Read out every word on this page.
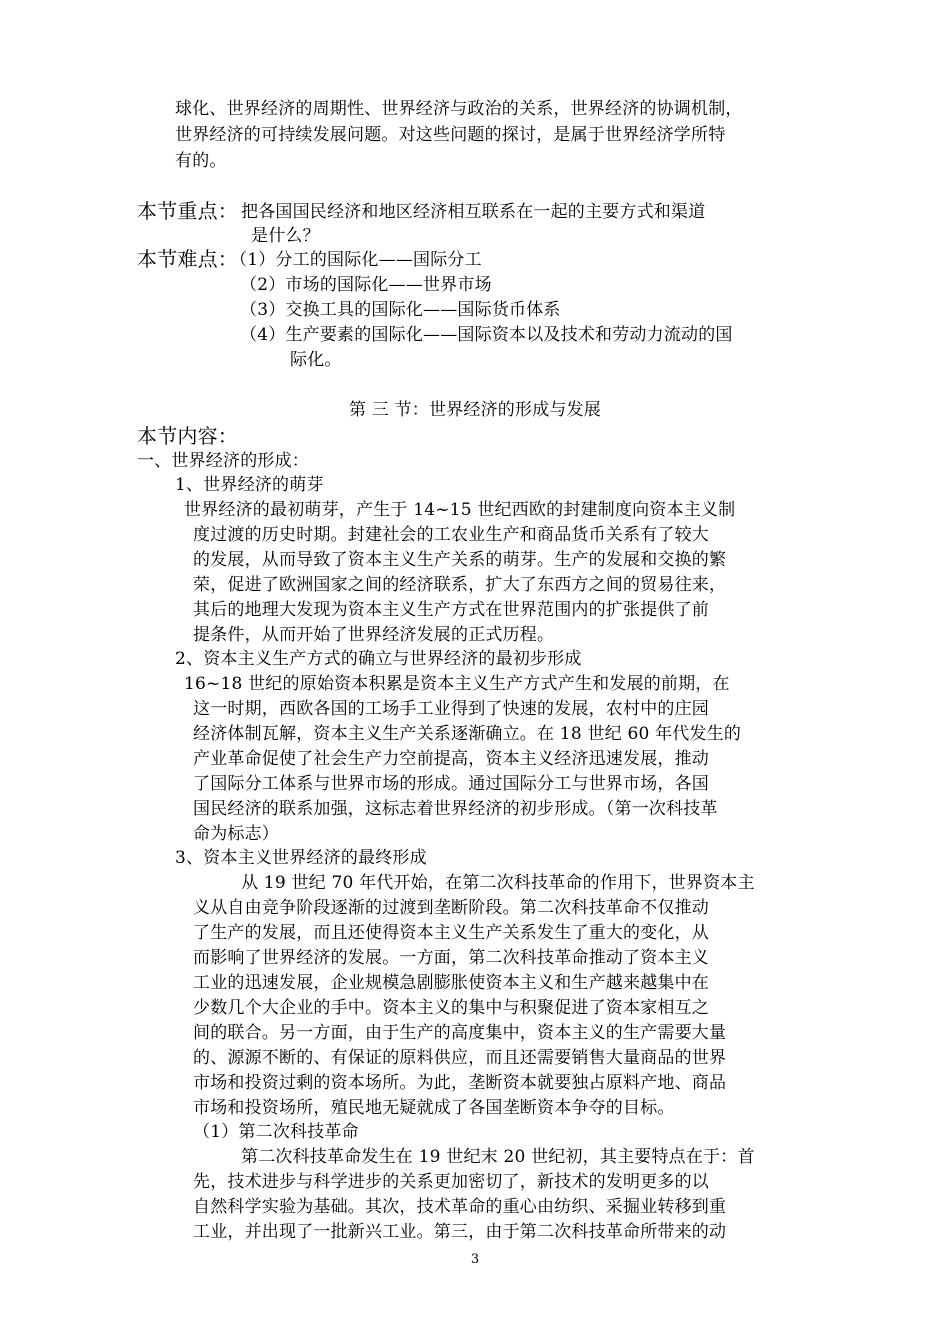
球化、世界经济的周期性、世界经济与政治的关系，世界经济的协调机制，
世界经济的可持续发展问题。对这些问题的探讨，是属于世界经济学所特
有的。
本节重点： 把各国国民经济和地区经济相互联系在一起的主要方式和渠道
是什么？
本节难点：
（1）分工的国际化——国际分工
（2）市场的国际化——世界市场
（3）交换工具的国际化——国际货币体系
（4）生产要素的国际化——国际资本以及技术和劳动力流动的国
际化。
第 三 节：世界经济的形成与发展
本节内容：
一、世界经济的形成：
1、世界经济的萌芽
世界经济的最初萌芽，产生于 14~15 世纪西欧的封建制度向资本主义制
度过渡的历史时期。封建社会的工农业生产和商品货币关系有了较大
的发展，从而导致了资本主义生产关系的萌芽。生产的发展和交换的繁
荣，促进了欧洲国家之间的经济联系，扩大了东西方之间的贸易往来，
其后的地理大发现为资本主义生产方式在世界范围内的扩张提供了前
提条件，从而开始了世界经济发展的正式历程。
2、资本主义生产方式的确立与世界经济的最初步形成
16~18 世纪的原始资本积累是资本主义生产方式产生和发展的前期，在
这一时期，西欧各国的工场手工业得到了快速的发展，农村中的庄园
经济体制瓦解，资本主义生产关系逐渐确立。在 18 世纪 60 年代发生的
产业革命促使了社会生产力空前提高，资本主义经济迅速发展，推动
了国际分工体系与世界市场的形成。通过国际分工与世界市场，各国
国民经济的联系加强，这标志着世界经济的初步形成。（第一次科技革
命为标志）
3、资本主义世界经济的最终形成
从 19 世纪 70 年代开始，在第二次科技革命的作用下，世界资本主
义从自由竞争阶段逐渐的过渡到垄断阶段。第二次科技革命不仅推动
了生产的发展，而且还使得资本主义生产关系发生了重大的变化，从
而影响了世界经济的发展。一方面，第二次科技革命推动了资本主义
工业的迅速发展，企业规模急剧膨胀使资本主义和生产越来越集中在
少数几个大企业的手中。资本主义的集中与积聚促进了资本家相互之
间的联合。另一方面，由于生产的高度集中，资本主义的生产需要大量
的、源源不断的、有保证的原料供应，而且还需要销售大量商品的世界
市场和投资过剩的资本场所。为此，垄断资本就要独占原料产地、商品
市场和投资场所，殖民地无疑就成了各国垄断资本争夺的目标。
（1）第二次科技革命
第二次科技革命发生在 19 世纪末 20 世纪初，其主要特点在于：首
先，技术进步与科学进步的关系更加密切了，新技术的发明更多的以
自然科学实验为基础。其次，技术革命的重心由纺织、采掘业转移到重
工业，并出现了一批新兴工业。第三，由于第二次科技革命所带来的动
3
